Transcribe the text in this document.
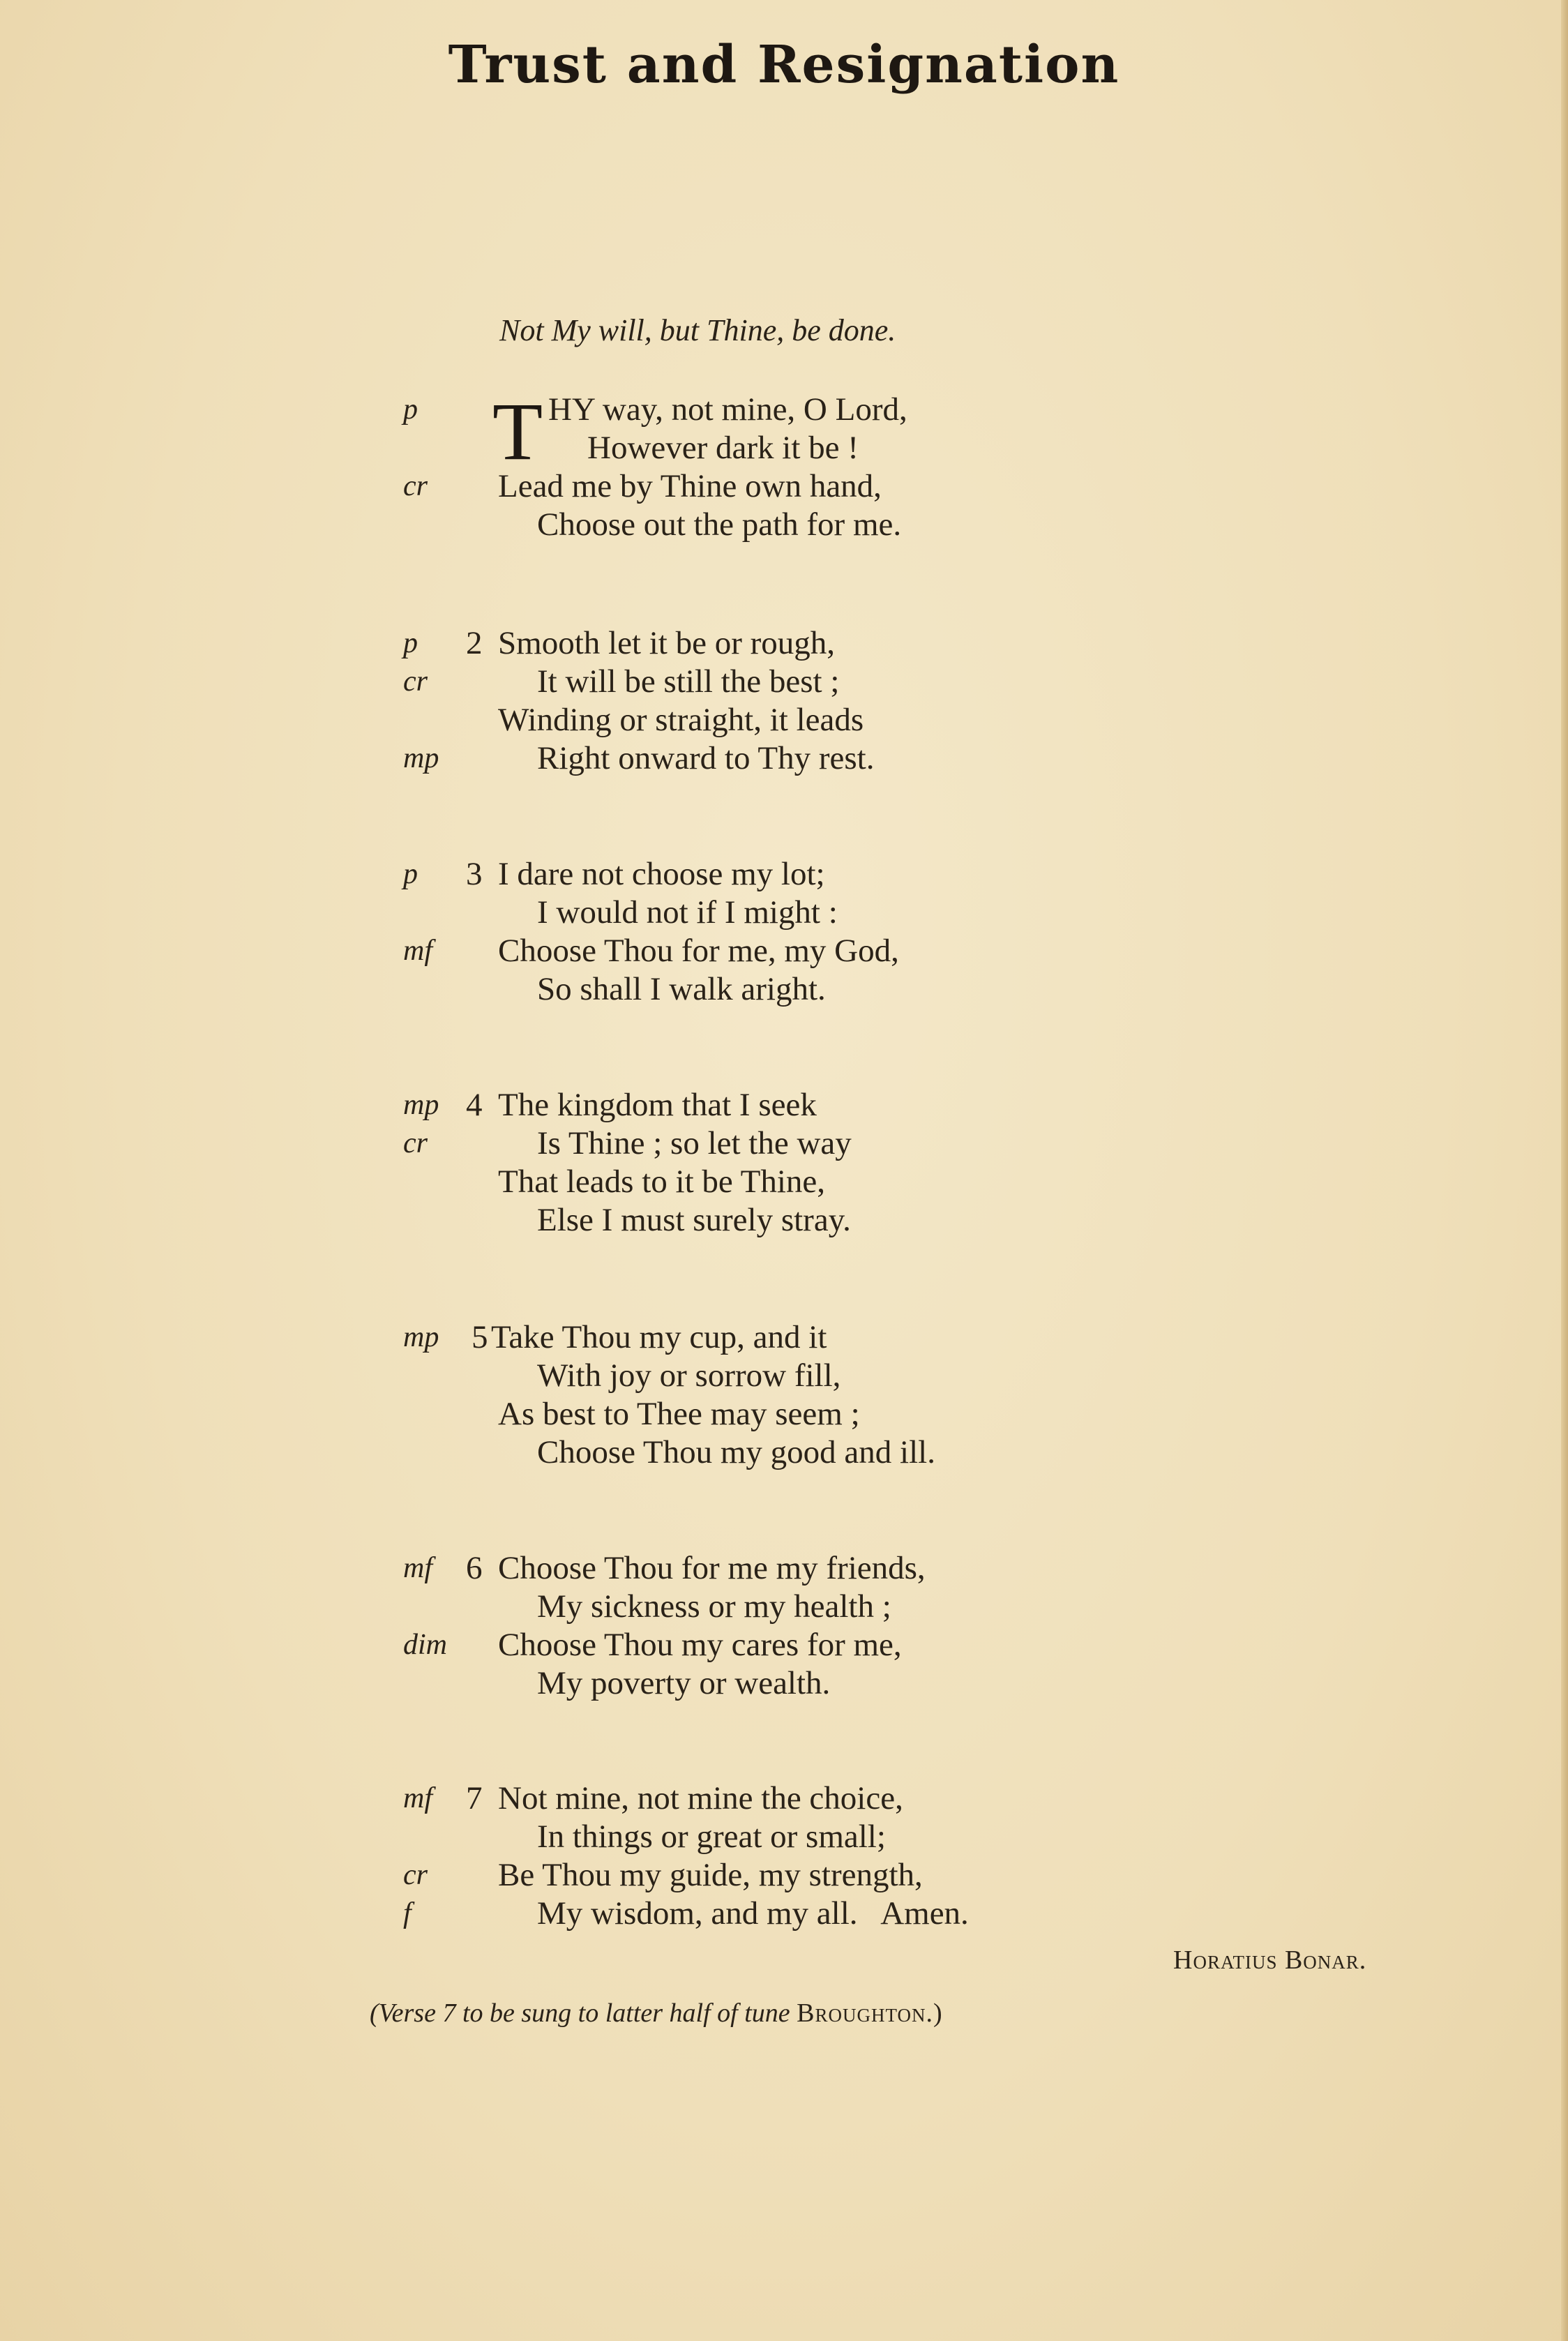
Trust and Resignation
Not My will, but Thine, be done.
T
p	HY way, not mine, O Lord,
However dark it be !
cr Lead me by Thine own hand,
Choose out the path for me.
p 2 Smooth let it be or rough,
cr	It will be still the best ;
Winding or straight, it leads
mp	Right onward to Thy rest.
p 3 I dare not choose my lot;
I would not if I might :
mf Choose Thou for me, my God,
So shall I walk aright.
mp 4 The kingdom that I seek
cr	Is Thine ; so let the way
That leads to it be Thine,
Else I must surely stray.
mp 5 Take Thou my cup, and it
With joy or sorrow fill,
As best to Thee may seem ;
Choose Thou my good and ill.
mf 6 Choose Thou for me my friends,
My sickness or my health ;
dim Choose Thou my cares for me,
My poverty or wealth.
mf 7 Not mine, not mine the choice,
In things or great or small;
cr Be Thou my guide, my strength,
f	My wisdom, and my all.   Amen.
Horatius Bonar.
(Verse 7 to be sung to latter half of tune Broughton.)
